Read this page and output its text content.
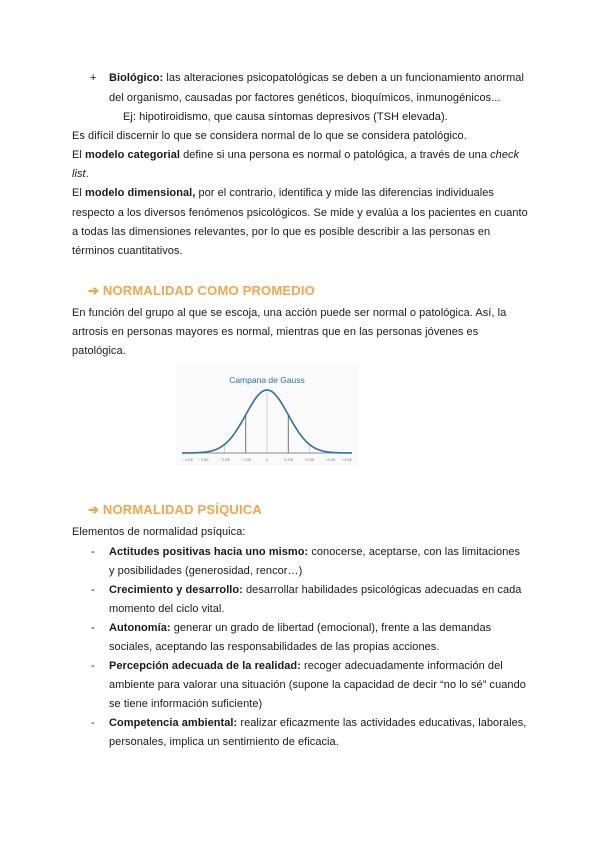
+ Biológico: las alteraciones psicopatológicas se deben a un funcionamiento anormal
del organismo, causadas por factores genéticos, bioquímicos, inmunogénicos...
Ej: hipotiroidismo, que causa síntomas depresivos (TSH elevada).
Es difícil discernir lo que se considera normal de lo que se considera patológico.
El modelo categorial define si una persona es normal o patológica, a través de una check
list.
El modelo dimensional, por el contrario, identifica y mide las diferencias individuales
respecto a los diversos fenómenos psicológicos. Se mide y evalúa a los pacientes en cuanto
a todas las dimensiones relevantes, por lo que es posible describir a las personas en
términos cuantitativos.
➔ NORMALIDAD COMO PROMEDIO
En función del grupo al que se escoja, una acción puede ser normal o patológica. Así, la
artrosis en personas mayores es normal, mientras que en las personas jóvenes es
patológica.
Campana de Gauss
− 4 DE − 3 DE	− 2 DE	− 1 DE	0	+1 DE	+2 DE	+3 DE +4 DE
➔ NORMALIDAD PSÍQUICA
Elementos de normalidad psíquica:
- Actitudes positivas hacia uno mismo: conocerse, aceptarse, con las limitaciones
y posibilidades (generosidad, rencor…)
- Crecimiento y desarrollo: desarrollar habilidades psicológicas adecuadas en cada
momento del ciclo vital.
- Autonomía: generar un grado de libertad (emocional), frente a las demandas
sociales, aceptando las responsabilidades de las propias acciones.
- Percepción adecuada de la realidad: recoger adecuadamente información del
ambiente para valorar una situación (supone la capacidad de decir “no lo sé” cuando
se tiene información suficiente)
- Competencia ambiental: realizar eficazmente las actividades educativas, laborales,
personales, implica un sentimiento de eficacia.
